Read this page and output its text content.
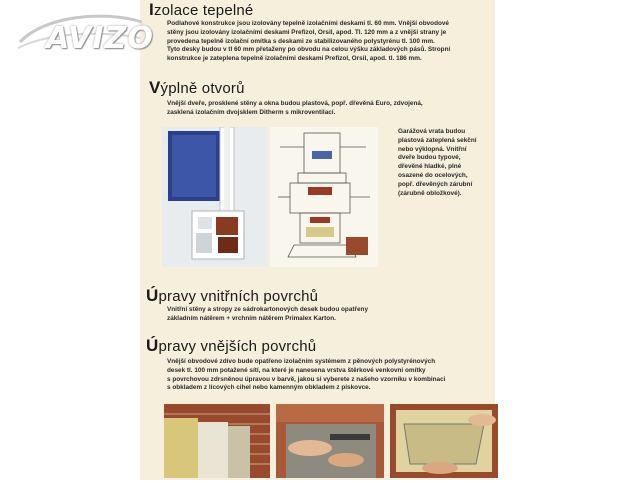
AVIZO
Izolace tepelné
Podlahové konstrukce jsou izolovány tepelně izolačními deskami tl. 60 mm. Vnější obvodové
stěny jsou izolovány izolačními deskami Prefizol, Orsil, apod. Tl. 120 mm a z vnější strany je
provedena tepelně izolační omítka s deskami ze stabilizovaného polystyrénu tl. 100 mm.
Tyto desky budou v tl 60 mm přetaženy po obvodu na celou výšku základových pásů. Stropní
konstrukce je zateplena tepelně izolačními deskami Prefizol, Orsil, apod. tl. 186 mm.
Výplně otvorů
Vnější dveře, prosklené stěny a okna budou plastová, popř. dřevěná Euro, zdvojená,
zasklená izolačním dvojsklem Ditherm s mikroventilací.
Garážová vrata budou
plastová zateplená sekční
nebo výklopná. Vnitřní
dveře budou typové,
dřevěné hladké, plné
osazené do ocelových,
popř. dřevěných zárubní
(zárubně obložkové).
Úpravy vnitřních povrchů
Vnitřní stěny a stropy ze sádrokartonových desek budou opatřeny
základním nátěrem + vrchním nátěrem Primalex Karton.
Úpravy vnějších povrchů
Vnější obvodové zdivo bude opatřeno izolačním systémem z pěnových polystyrénových
desek tl. 100 mm potažené sítí, na které je nanesena vrstva štěrkové venkovní omítky
s povrchovou zdrsněnou úpravou v barvě, jakou si vyberete z našeho vzorníku v kombinaci
s obkladem z lícových cihel nebo kamenným obkladem z pískovce.
